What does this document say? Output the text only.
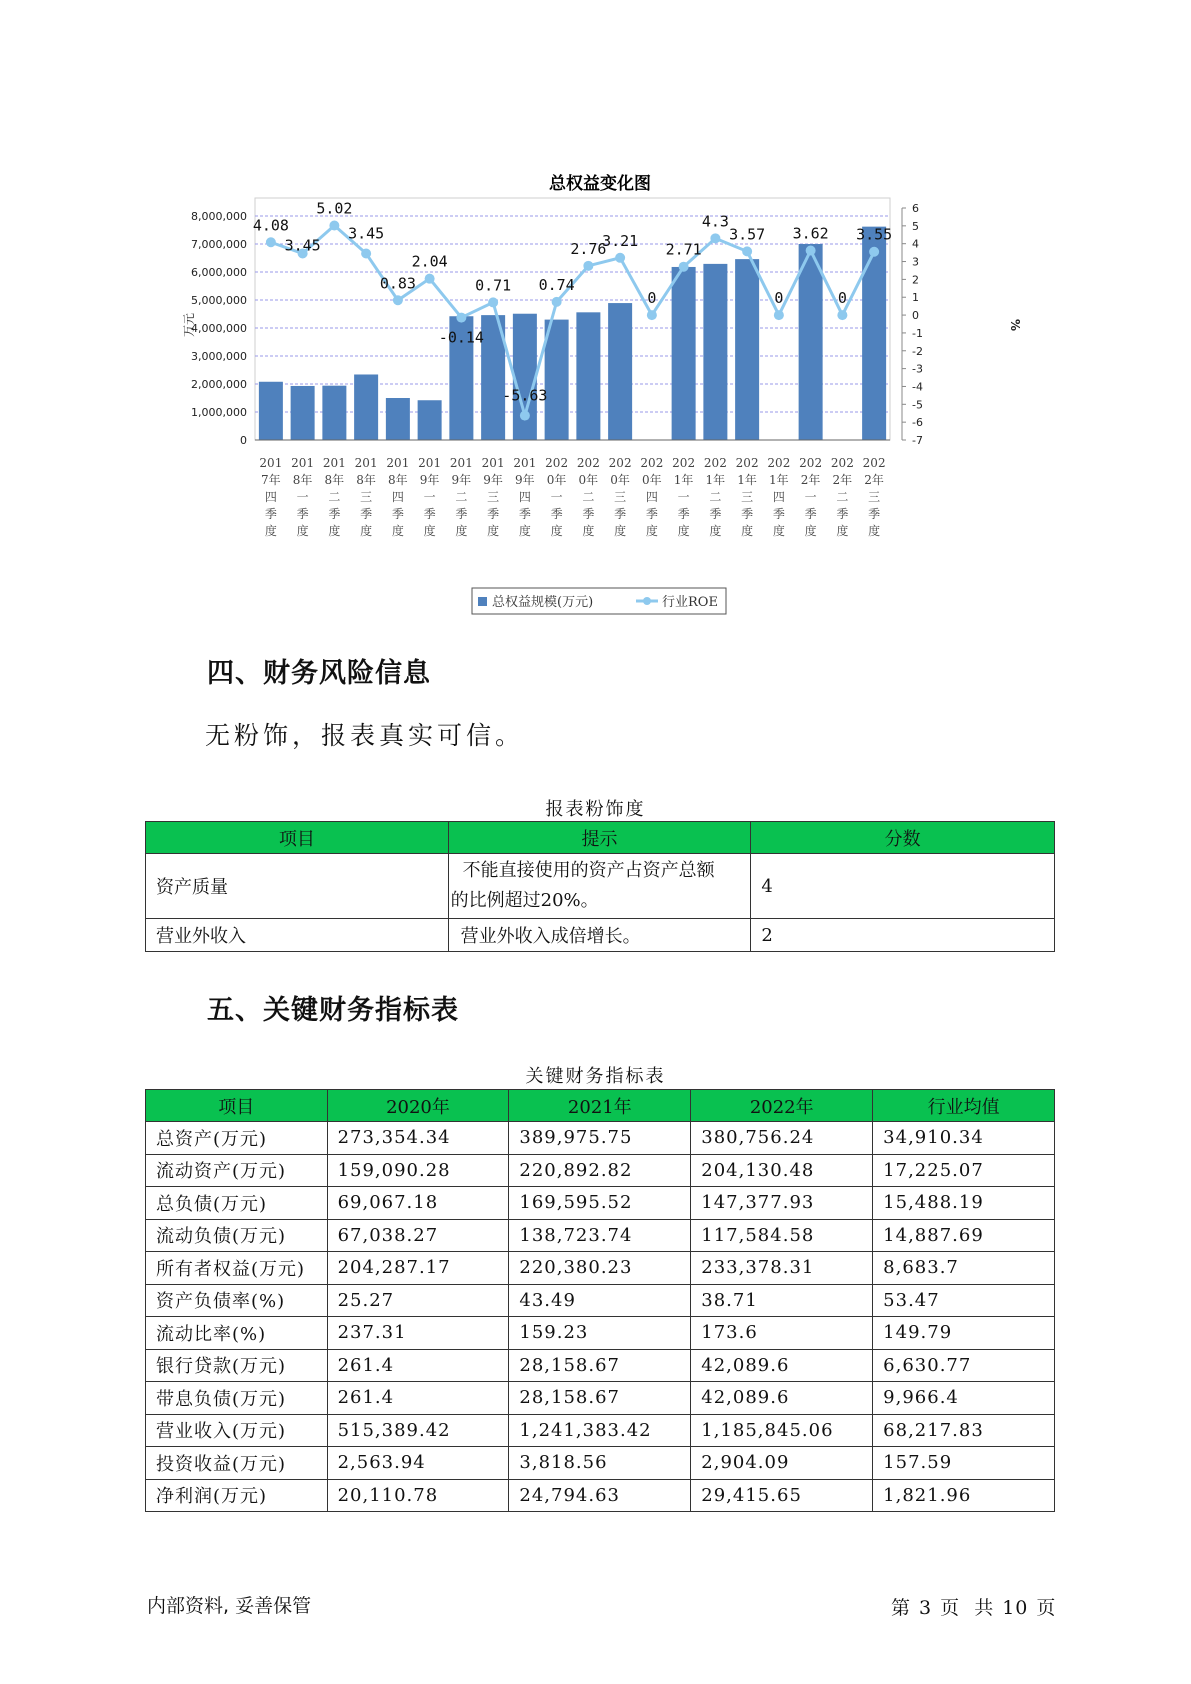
总权益变化图
4.08
3.45
5.02
3.45
0.83
2.04
-0.14
0.71
-5.63
0.74
2.76
3.21
0
2.71
4.3
3.57
0
3.62
0
3.55
8,000,000
7,000,000
6,000,000
5,000,000
4,000,000
3,000,000
2,000,000
1,000,000
0
6
5
4
3
2
1
0
-1
-2
-3
-4
-5
-6
-7
万元	%
201
7年
四
季
度
201
8年
一
季
度
201
8年
二
季
度
201
8年
三
季
度
201
8年
四
季
度
201
9年
一
季
度
201
9年
二
季
度
201
9年
三
季
度
201
9年
四
季
度
202
0年
一
季
度
202
0年
二
季
度
202
0年
三
季
度
202
0年
四
季
度
202
1年
一
季
度
202
1年
二
季
度
202
1年
三
季
度
202
1年
四
季
度
202
2年
一
季
度
202
2年
二
季
度
202
2年
三
季
度
总权益规模(万元)	行业ROE
四、财务风险信息
无粉饰，报表真实可信。
报表粉饰度
项目	提示	分数
资产质量	不能直接使用的资产占资产总额
的比例超过20%。	4
营业外收入	营业外收入成倍增长。	2
五、关键财务指标表
关键财务指标表
项目	2020年	2021年	2022年	行业均值
总资产(万元)	273,354.34	389,975.75	380,756.24	34,910.34
流动资产(万元)	159,090.28	220,892.82	204,130.48	17,225.07
总负债(万元)	69,067.18	169,595.52	147,377.93	15,488.19
流动负债(万元)	67,038.27	138,723.74	117,584.58	14,887.69
所有者权益(万元)	204,287.17	220,380.23	233,378.31	8,683.7
资产负债率(%)	25.27	43.49	38.71	53.47
流动比率(%)	237.31	159.23	173.6	149.79
银行贷款(万元)	261.4	28,158.67	42,089.6	6,630.77
带息负债(万元)	261.4	28,158.67	42,089.6	9,966.4
营业收入(万元)	515,389.42	1,241,383.42	1,185,845.06	68,217.83
投资收益(万元)	2,563.94	3,818.56	2,904.09	157.59
净利润(万元)	20,110.78	24,794.63	29,415.65	1,821.96
内部资料, 妥善保管	第 3 页  共 10 页
